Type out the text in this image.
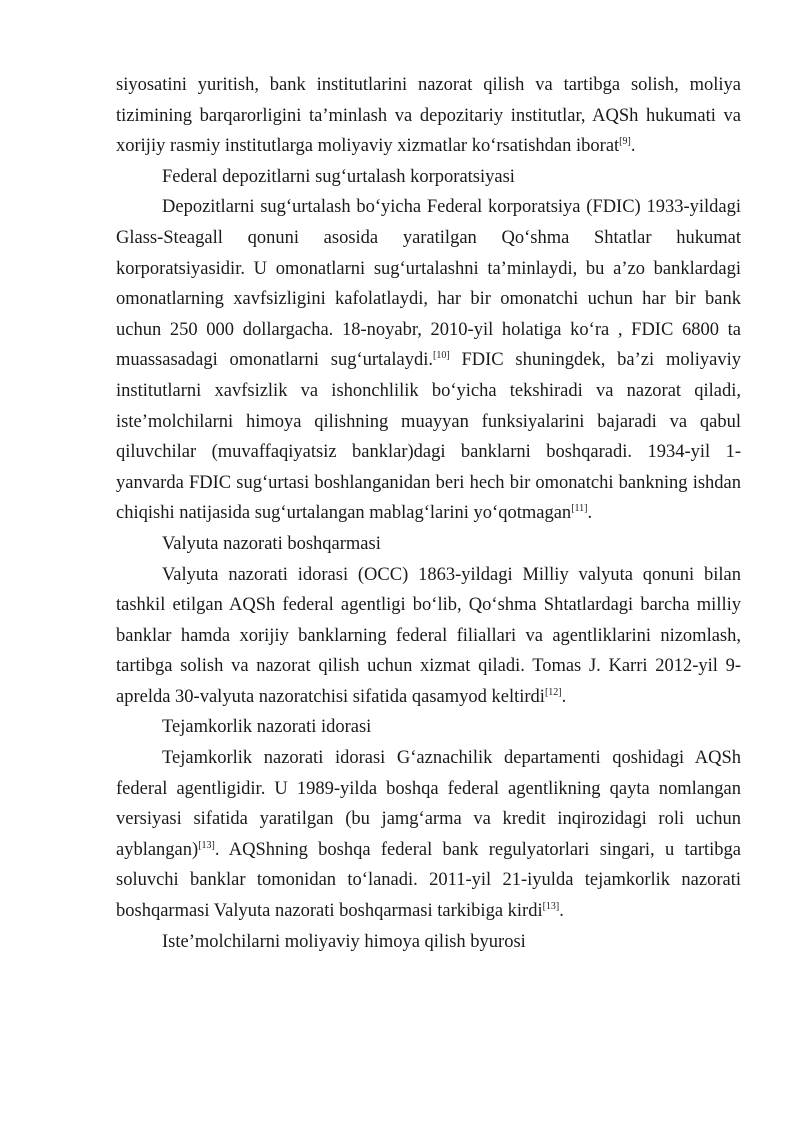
siyosatini yuritish, bank institutlarini nazorat qilish va tartibga solish, moliya
tizimining barqarorligini ta’minlash va depozitariy institutlar, AQSh hukumati va
xorijiy rasmiy institutlarga moliyaviy xizmatlar ko‘rsatishdan iborat[9].
Federal depozitlarni sug‘urtalash korporatsiyasi
Depozitlarni sug‘urtalash bo‘yicha Federal korporatsiya (FDIC) 1933-yildagi
Glass-Steagall qonuni asosida yaratilgan Qo‘shma Shtatlar hukumat
korporatsiyasidir. U omonatlarni sug‘urtalashni ta’minlaydi, bu a’zo banklardagi
omonatlarning xavfsizligini kafolatlaydi, har bir omonatchi uchun har bir bank
uchun 250 000 dollargacha. 18-noyabr, 2010-yil holatiga ko‘ra , FDIC 6800 ta
muassasadagi omonatlarni sug‘urtalaydi.[10] FDIC shuningdek, ba’zi moliyaviy
institutlarni xavfsizlik va ishonchlilik bo‘yicha tekshiradi va nazorat qiladi,
iste’molchilarni himoya qilishning muayyan funksiyalarini bajaradi va qabul
qiluvchilar (muvaffaqiyatsiz banklar)dagi banklarni boshqaradi. 1934-yil 1-
yanvarda FDIC sug‘urtasi boshlanganidan beri hech bir omonatchi bankning ishdan
chiqishi natijasida sug‘urtalangan mablag‘larini yo‘qotmagan[11].
Valyuta nazorati boshqarmasi
Valyuta nazorati idorasi (OCC) 1863-yildagi Milliy valyuta qonuni bilan
tashkil etilgan AQSh federal agentligi bo‘lib, Qo‘shma Shtatlardagi barcha milliy
banklar hamda xorijiy banklarning federal filiallari va agentliklarini nizomlash,
tartibga solish va nazorat qilish uchun xizmat qiladi. Tomas J. Karri 2012-yil 9-
aprelda 30-valyuta nazoratchisi sifatida qasamyod keltirdi[12].
Tejamkorlik nazorati idorasi
Tejamkorlik nazorati idorasi G‘aznachilik departamenti qoshidagi AQSh
federal agentligidir. U 1989-yilda boshqa federal agentlikning qayta nomlangan
versiyasi sifatida yaratilgan (bu jamg‘arma va kredit inqirozidagi roli uchun
ayblangan)[13]. AQShning boshqa federal bank regulyatorlari singari, u tartibga
soluvchi banklar tomonidan to‘lanadi. 2011-yil 21-iyulda tejamkorlik nazorati
boshqarmasi Valyuta nazorati boshqarmasi tarkibiga kirdi[13].
Iste’molchilarni moliyaviy himoya qilish byurosi
